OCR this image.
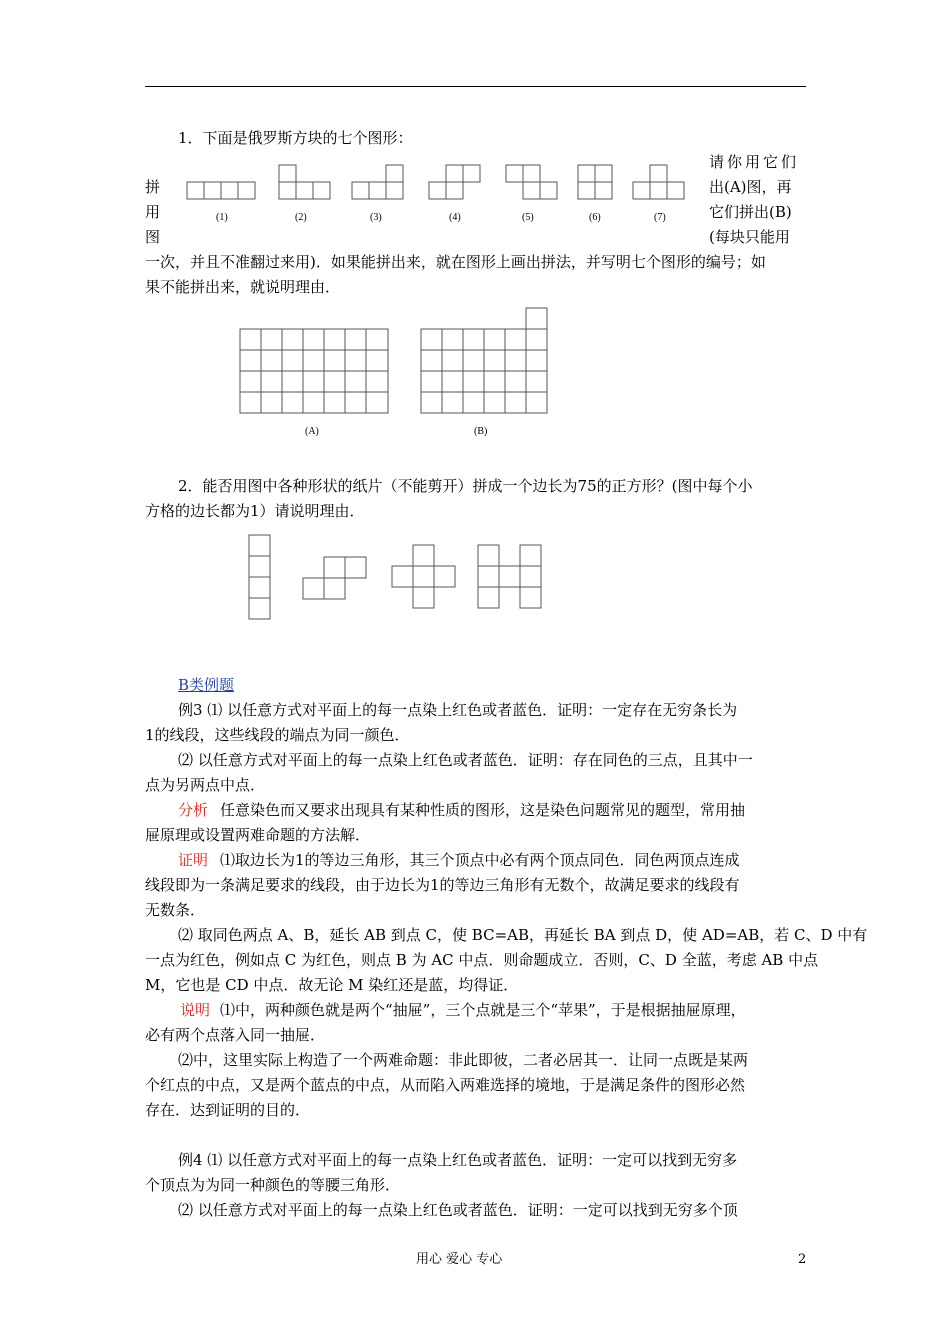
1．下面是俄罗斯方块的七个图形：
请你用它们
出(A)图，再
它们拼出(B)
(每块只能用
拼
用
图
一次，并且不准翻过来用)．如果能拼出来，就在图形上画出拼法，并写明七个图形的编号；如
果不能拼出来，就说明理由．
(1)	(2)	(3)	(4)	(5)	(6)	(7)
(A)	(B)
2．能否用图中各种形状的纸片（不能剪开）拼成一个边长为75的正方形？(图中每个小
方格的边长都为1）请说明理由．
B类例题
例3 ⑴ 以任意方式对平面上的每一点染上红色或者蓝色．证明：一定存在无穷条长为
1的线段，这些线段的端点为同一颜色．
⑵ 以任意方式对平面上的每一点染上红色或者蓝色．证明：存在同色的三点，且其中一
点为另两点中点．
分析 任意染色而又要求出现具有某种性质的图形，这是染色问题常见的题型，常用抽
屉原理或设置两难命题的方法解．
证明 ⑴取边长为1的等边三角形，其三个顶点中必有两个顶点同色．同色两顶点连成
线段即为一条满足要求的线段，由于边长为1的等边三角形有无数个，故满足要求的线段有
无数条．
⑵ 取同色两点 A、B，延长 AB 到点 C，使 BC=AB，再延长 BA 到点 D，使 AD=AB，若 C、D 中有
一点为红色，例如点 C 为红色，则点 B 为 AC 中点．则命题成立．否则，C、D 全蓝，考虑 AB 中点
M，它也是 CD 中点．故无论 M 染红还是蓝，均得证．
说明 ⑴中，两种颜色就是两个“抽屉”，三个点就是三个“苹果”，于是根据抽屉原理，
必有两个点落入同一抽屉．
⑵中，这里实际上构造了一个两难命题：非此即彼，二者必居其一．让同一点既是某两
个红点的中点，又是两个蓝点的中点，从而陷入两难选择的境地，于是满足条件的图形必然
存在．达到证明的目的．
例4 ⑴ 以任意方式对平面上的每一点染上红色或者蓝色．证明：一定可以找到无穷多
个顶点为为同一种颜色的等腰三角形．
⑵ 以任意方式对平面上的每一点染上红色或者蓝色．证明：一定可以找到无穷多个顶
用心 爱心 专心	2
